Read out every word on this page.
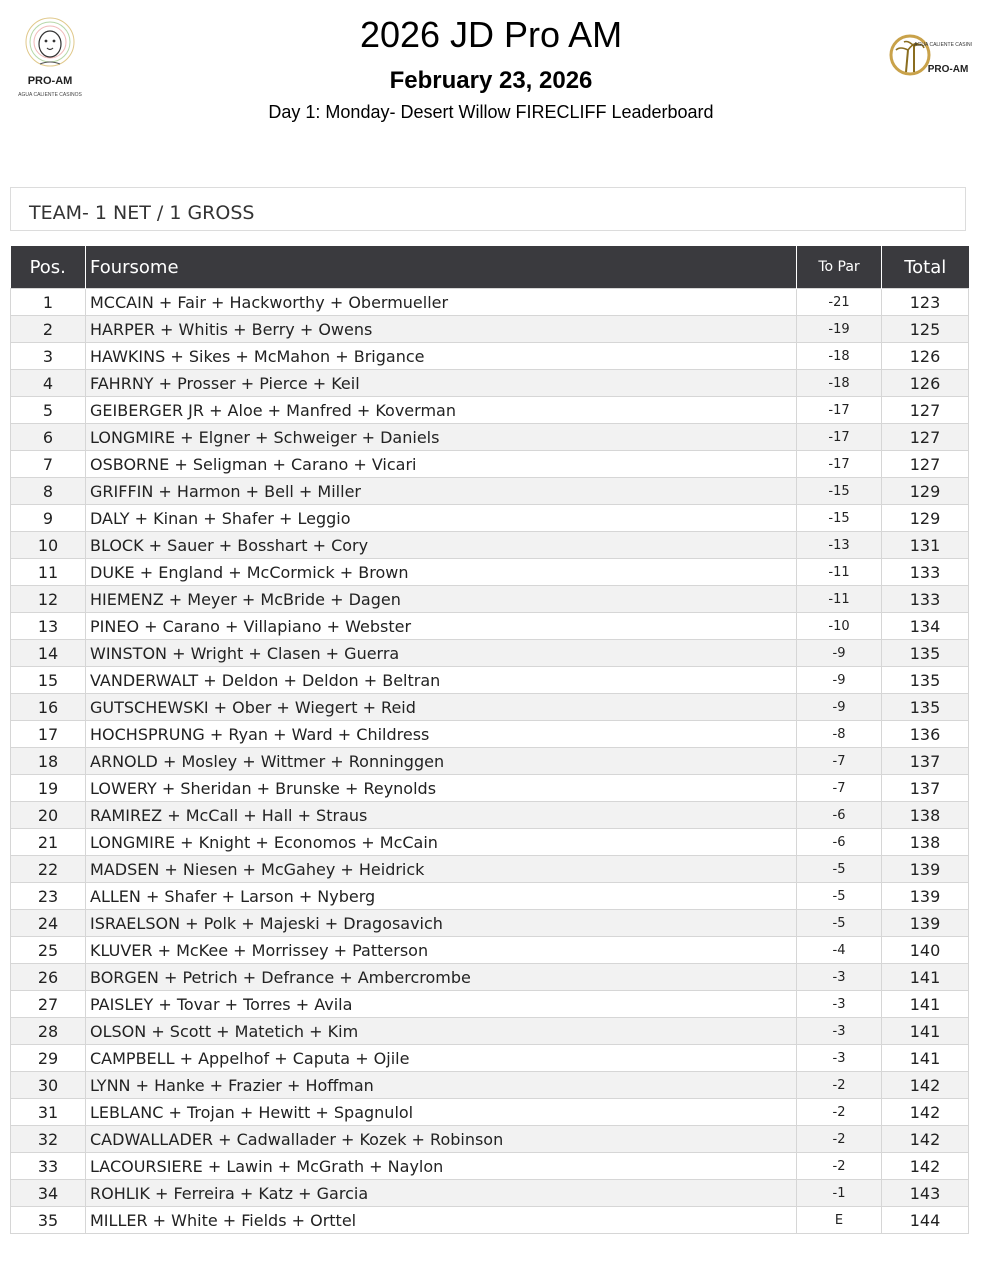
PRO-AM
AGUA CALIENTE CASINOS
2026 JD Pro AM
February 23, 2026
Day 1: Monday- Desert Willow FIRECLIFF Leaderboard
AGUA CALIENTE CASINOS
PRO-AM
TEAM- 1 NET / 1 GROSS
Pos.	Foursome	To Par	Total
1	MCCAIN + Fair + Hackworthy + Obermueller	-21	123
2	HARPER + Whitis + Berry + Owens	-19	125
3	HAWKINS + Sikes + McMahon + Brigance	-18	126
4	FAHRNY + Prosser + Pierce + Keil	-18	126
5	GEIBERGER JR + Aloe + Manfred + Koverman	-17	127
6	LONGMIRE + Elgner + Schweiger + Daniels	-17	127
7	OSBORNE + Seligman + Carano + Vicari	-17	127
8	GRIFFIN + Harmon + Bell + Miller	-15	129
9	DALY + Kinan + Shafer + Leggio	-15	129
10	BLOCK + Sauer + Bosshart + Cory	-13	131
11	DUKE + England + McCormick + Brown	-11	133
12	HIEMENZ + Meyer + McBride + Dagen	-11	133
13	PINEO + Carano + Villapiano + Webster	-10	134
14	WINSTON + Wright + Clasen + Guerra	-9	135
15	VANDERWALT + Deldon + Deldon + Beltran	-9	135
16	GUTSCHEWSKI + Ober + Wiegert + Reid	-9	135
17	HOCHSPRUNG + Ryan + Ward + Childress	-8	136
18	ARNOLD + Mosley + Wittmer + Ronninggen	-7	137
19	LOWERY + Sheridan + Brunske + Reynolds	-7	137
20	RAMIREZ + McCall + Hall + Straus	-6	138
21	LONGMIRE + Knight + Economos + McCain	-6	138
22	MADSEN + Niesen + McGahey + Heidrick	-5	139
23	ALLEN + Shafer + Larson + Nyberg	-5	139
24	ISRAELSON + Polk + Majeski + Dragosavich	-5	139
25	KLUVER + McKee + Morrissey + Patterson	-4	140
26	BORGEN + Petrich + Defrance + Ambercrombe	-3	141
27	PAISLEY + Tovar + Torres + Avila	-3	141
28	OLSON + Scott + Matetich + Kim	-3	141
29	CAMPBELL + Appelhof + Caputa + Ojile	-3	141
30	LYNN + Hanke + Frazier + Hoffman	-2	142
31	LEBLANC + Trojan + Hewitt + Spagnulol	-2	142
32	CADWALLADER + Cadwallader + Kozek + Robinson	-2	142
33	LACOURSIERE + Lawin + McGrath + Naylon	-2	142
34	ROHLIK + Ferreira + Katz + Garcia	-1	143
35	MILLER + White + Fields + Orttel	E	144
